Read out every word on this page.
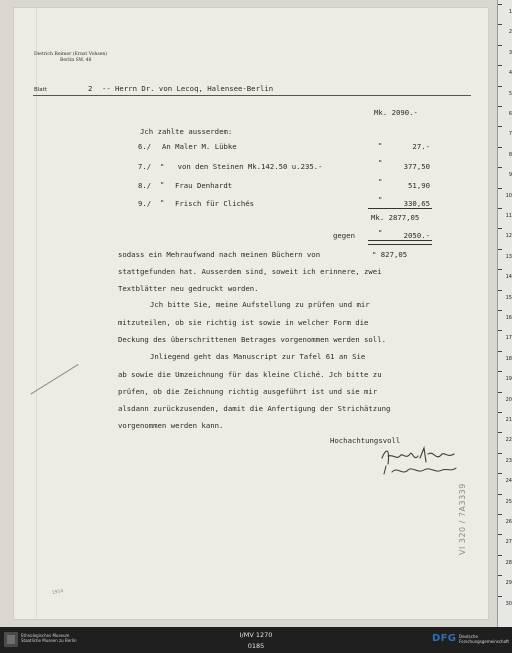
Dietrich Reimer (Ernst Vohsen)
Berlin SW. 48
Blatt	2 -- Herrn Dr. von Lecoq, Halensee-Berlin
Mk. 2090.-
Jch zahlte ausserdem:
6./ An Maler M. Lübke	"	27.-
7./ "   von den Steinen Mk.142.50 u.235.-	"	377,50
8./ " Frau Denhardt	"	51,90
9./ " Frisch für Clichés	"	330,65
Mk. 2877,05
gegen	"	2050.-
sodass ein Mehraufwand nach meinen Büchern von	" 827,05
stattgefunden hat. Ausserdem sind, soweit ich erinnere, zwei
Textblätter neu gedruckt worden.
Jch bitte Sie, meine Aufstellung zu prüfen und mir
mitzuteilen, ob sie richtig ist sowie in welcher Form die
Deckung des überschrittenen Betrages vorgenommen werden soll.
Jnliegend geht das Manuscript zur Tafel 61 an Sie
ab sowie die Umzeichnung für das kleine Cliché. Jch bitte zu
prüfen, ob die Zeichnung richtig ausgeführt ist und sie mir
alsdann zurückzusenden, damit die Anfertigung der Strichätzung
vorgenommen werden kann.
Hochachtungsvoll
1914
VI 320 / 7A3339
1
2
3
4
5
6
7
8
9
10
11
12
13
14
15
16
17
18
19
20
21
22
23
24
25
26
27
28
29
30
Ethnologisches Museum
Staatliche Museen zu Berlin
I/MV 1270
0185
DFG Deutsche
Forschungsgemeinschaft
